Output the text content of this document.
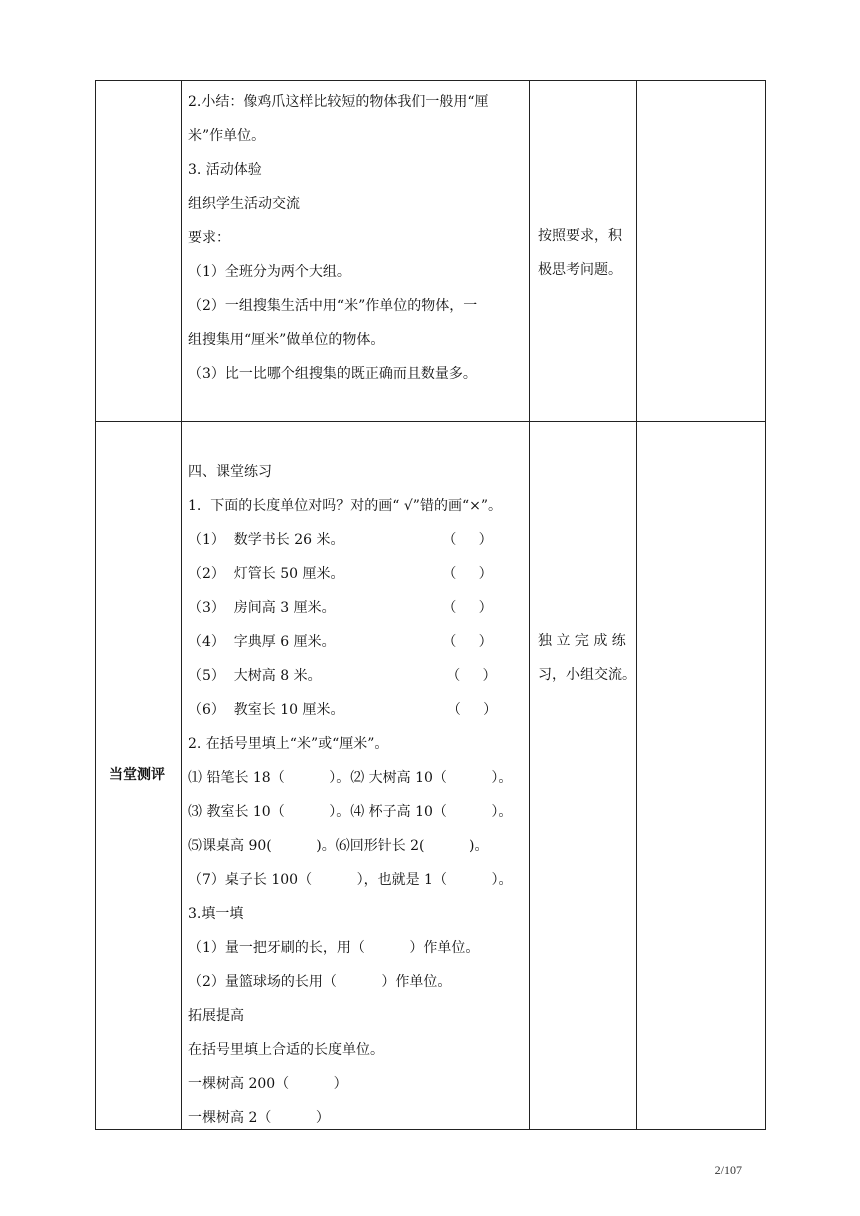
2.小结：像鸡爪这样比较短的物体我们一般用“厘
米”作单位。
3. 活动体验
组织学生活动交流
要求：
（1）全班分为两个大组。
（2）一组搜集生活中用“米”作单位的物体，一
组搜集用“厘米”做单位的物体。
（3）比一比哪个组搜集的既正确而且数量多。
按照要求，积
极思考问题。
当堂测评
四、课堂练习
1.  下面的长度单位对吗？对的画“ √”错的画“×”。
（1）  数学书长 26 米。                      （     ）
（2）  灯管长 50 厘米。                      （     ）
（3）  房间高 3 厘米。                        （     ）
（4）  字典厚 6 厘米。                        （     ）
（5）  大树高 8 米。                            （     ）
（6）  教室长 10 厘米。                       （     ）
2. 在括号里填上“米”或“厘米”。
⑴ 铅笔长 18（          ）。⑵ 大树高 10（          ）。
⑶ 教室长 10（          ）。⑷ 杯子高 10（          ）。
⑸课桌高 90(          )。⑹回形针长 2(          )。
（7）桌子长 100（          ），也就是 1（          ）。
3.填一填
（1）量一把牙刷的长，用（          ）作单位。
（2）量篮球场的长用（          ）作单位。
拓展提高
在括号里填上合适的长度单位。
一棵树高 200（          ）
一棵树高 2（          ）
独 立 完 成 练
习，小组交流。
2/107
